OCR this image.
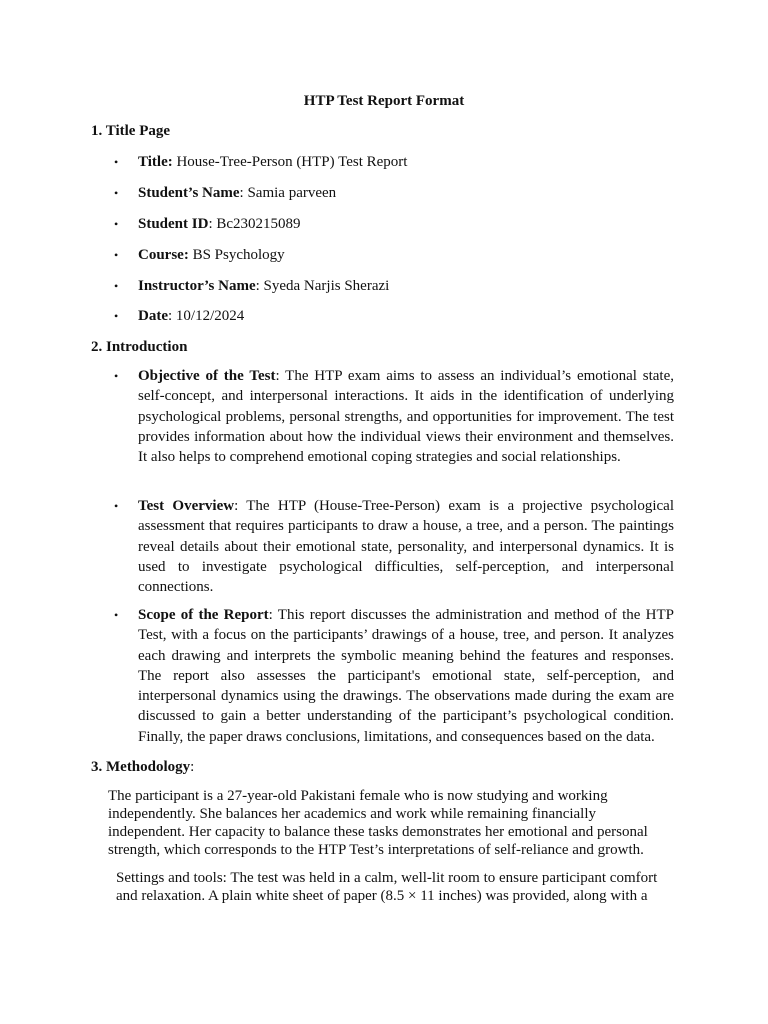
HTP Test Report Format
1. Title Page
•	Title: House-Tree-Person (HTP) Test Report
•	Student’s Name: Samia parveen
•	Student ID: Bc230215089
•	Course: BS Psychology
•	Instructor’s Name: Syeda Narjis Sherazi
•	Date: 10/12/2024
2. Introduction
•	Objective of the Test: The HTP exam aims to assess an individual’s emotional state, self-concept, and interpersonal interactions. It aids in the identification of underlying psychological problems, personal strengths, and opportunities for improvement. The test provides information about how the individual views their environment and themselves. It also helps to comprehend emotional coping strategies and social relationships.
•	Test Overview: The HTP (House-Tree-Person) exam is a projective psychological assessment that requires participants to draw a house, a tree, and a person. The paintings reveal details about their emotional state, personality, and interpersonal dynamics. It is used to investigate psychological difficulties, self-perception, and interpersonal connections.
•	Scope of the Report: This report discusses the administration and method of the HTP Test, with a focus on the participants’ drawings of a house, tree, and person. It analyzes each drawing and interprets the symbolic meaning behind the features and responses. The report also assesses the participant's emotional state, self-perception, and interpersonal dynamics using the drawings. The observations made during the exam are discussed to gain a better understanding of the participant’s psychological condition. Finally, the paper draws conclusions, limitations, and consequences based on the data.
3. Methodology:
The participant is a 27-year-old Pakistani female who is now studying and working
independently. She balances her academics and work while remaining financially
independent. Her capacity to balance these tasks demonstrates her emotional and personal
strength, which corresponds to the HTP Test’s interpretations of self-reliance and growth.
Settings and tools: The test was held in a calm, well-lit room to ensure participant comfort
and relaxation. A plain white sheet of paper (8.5 × 11 inches) was provided, along with a
